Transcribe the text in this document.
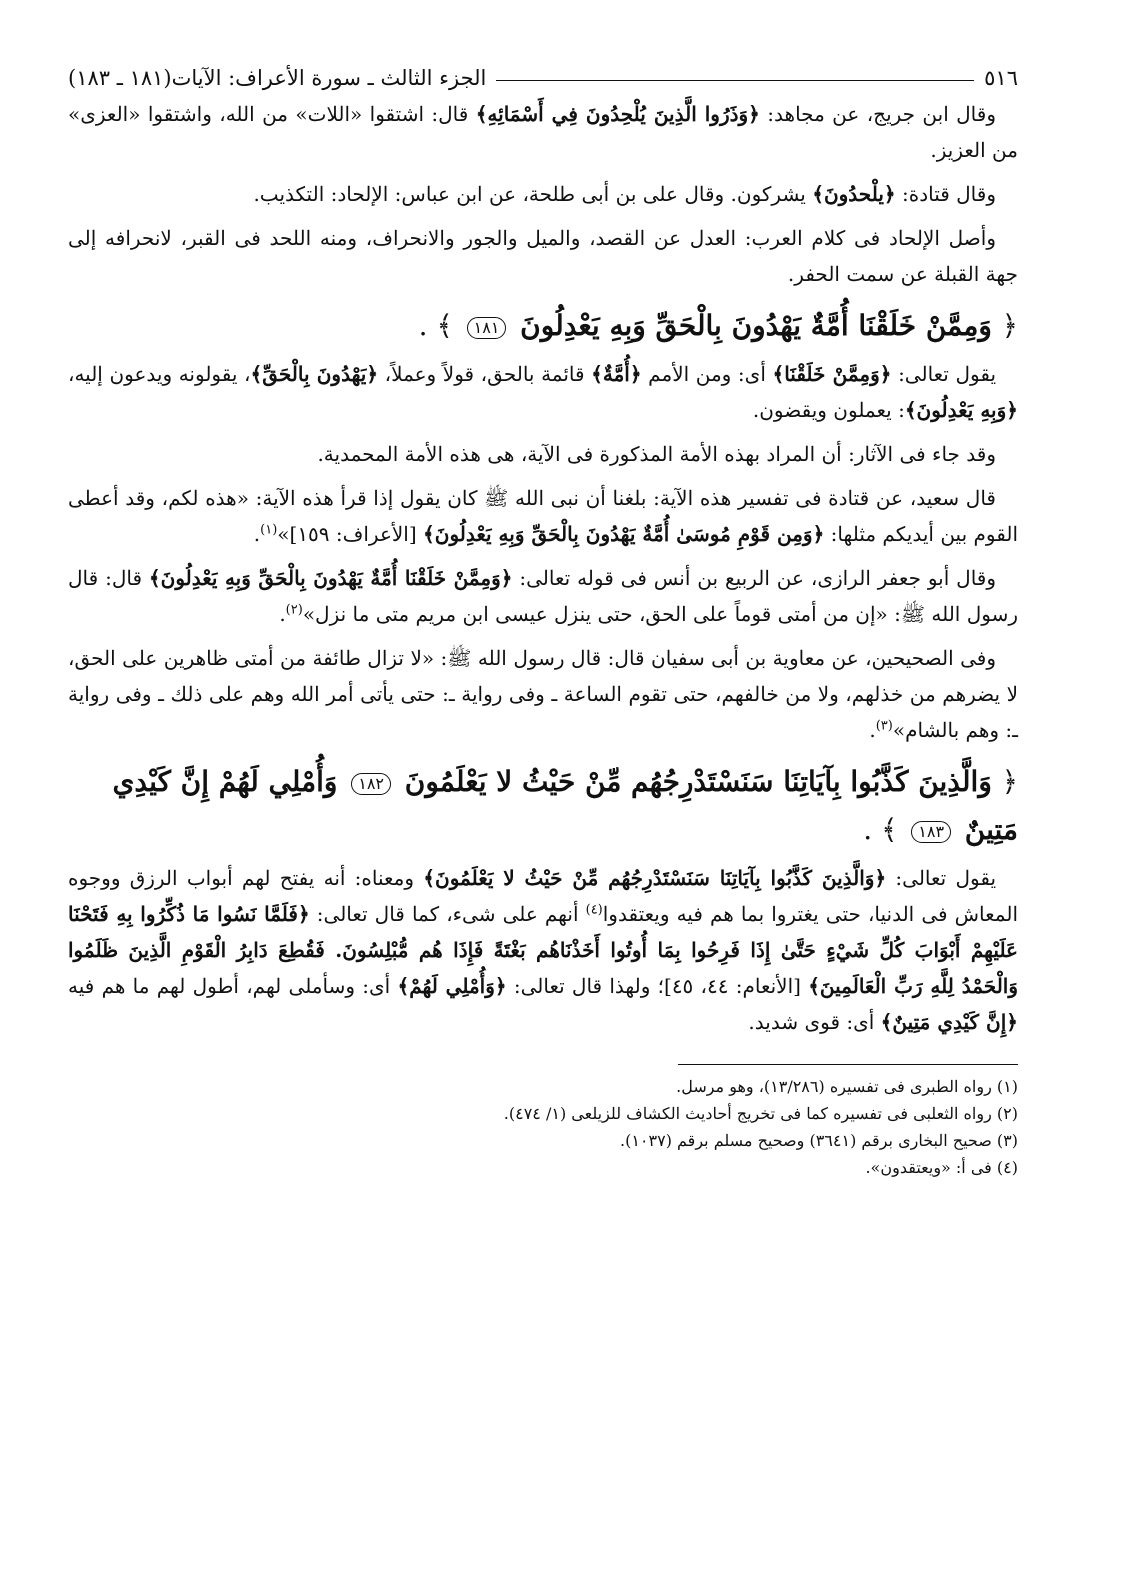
٥١٦
الجزء الثالث ـ سورة الأعراف: الآيات(١٨١ ـ ١٨٣)

وقال ابن جريج، عن مجاهد: ﴿وَذَرُوا الَّذِينَ يُلْحِدُونَ فِي أَسْمَائِهِ﴾ قال: اشتقوا «اللات» من الله، واشتقوا «العزى» من العزيز.

وقال قتادة: ﴿يلْحدُونَ﴾ يشركون. وقال على بن أبى طلحة، عن ابن عباس: الإلحاد: التكذيب.

وأصل الإلحاد فى كلام العرب: العدل عن القصد، والميل والجور والانحراف، ومنه اللحد فى القبر، لانحرافه إلى جهة القبلة عن سمت الحفر.

﴿ وَمِمَّنْ خَلَقْنَا أُمَّةٌ يَهْدُونَ بِالْحَقِّ وَبِهِ يَعْدِلُونَ ١٨١ ﴾ .

يقول تعالى: ﴿وَمِمَّنْ خَلَقْنَا﴾ أى: ومن الأمم ﴿أُمَّةٌ﴾ قائمة بالحق، قولاً وعملاً، ﴿يَهْدُونَ بِالْحَقِّ﴾، يقولونه ويدعون إليه، ﴿وَبِهِ يَعْدِلُونَ﴾: يعملون ويقضون.

وقد جاء فى الآثار: أن المراد بهذه الأمة المذكورة فى الآية، هى هذه الأمة المحمدية.

قال سعيد، عن قتادة فى تفسير هذه الآية: بلغنا أن نبى الله ﷺ كان يقول إذا قرأ هذه الآية: «هذه لكم، وقد أعطى القوم بين أيديكم مثلها: ﴿وَمِن قَوْمِ مُوسَىٰ أُمَّةٌ يَهْدُونَ بِالْحَقِّ وَبِهِ يَعْدِلُونَ﴾ [الأعراف: ١٥٩]»$^{(١)}$.

وقال أبو جعفر الرازى، عن الربيع بن أنس فى قوله تعالى: ﴿وَمِمَّنْ خَلَقْنَا أُمَّةٌ يَهْدُونَ بِالْحَقِّ وَبِهِ يَعْدِلُونَ﴾ قال: قال رسول الله ﷺ: «إن من أمتى قوماً على الحق، حتى ينزل عيسى ابن مريم متى ما نزل»$^{(٢)}$.

وفى الصحيحين، عن معاوية بن أبى سفيان قال: قال رسول الله ﷺ: «لا تزال طائفة من أمتى ظاهرين على الحق، لا يضرهم من خذلهم، ولا من خالفهم، حتى تقوم الساعة ـ وفى رواية ـ: حتى يأتى أمر الله وهم على ذلك ـ وفى رواية ـ: وهم بالشام»$^{(٣)}$.

﴿ وَالَّذِينَ كَذَّبُوا بِآيَاتِنَا سَنَسْتَدْرِجُهُم مِّنْ حَيْثُ لا يَعْلَمُونَ ١٨٢ وَأُمْلِي لَهُمْ إِنَّ كَيْدِي مَتِينٌ ١٨٣ ﴾ .

يقول تعالى: ﴿وَالَّذِينَ كَذَّبُوا بِآيَاتِنَا سَنَسْتَدْرِجُهُم مِّنْ حَيْثُ لا يَعْلَمُونَ﴾ ومعناه: أنه يفتح لهم أبواب الرزق ووجوه المعاش فى الدنيا، حتى يغتروا بما هم فيه ويعتقدوا$^{(٤)}$ أنهم على شىء، كما قال تعالى: ﴿فَلَمَّا نَسُوا مَا ذُكِّرُوا بِهِ فَتَحْنَا عَلَيْهِمْ أَبْوَابَ كُلِّ شَيْءٍ حَتَّىٰ إِذَا فَرِحُوا بِمَا أُوتُوا أَخَذْنَاهُم بَغْتَةً فَإِذَا هُم مُّبْلِسُونَ. فَقُطِعَ دَابِرُ الْقَوْمِ الَّذِينَ ظَلَمُوا وَالْحَمْدُ لِلَّهِ رَبِّ الْعَالَمِينَ﴾ [الأنعام: ٤٤، ٤٥]؛ ولهذا قال تعالى: ﴿وَأُمْلِي لَهُمْ﴾ أى: وسأملى لهم، أطول لهم ما هم فيه ﴿إِنَّ كَيْدِي مَتِينٌ﴾ أى: قوى شديد.

(١) رواه الطبرى فى تفسيره (١٣/٢٨٦)، وهو مرسل.

(٢) رواه الثعلبى فى تفسيره كما فى تخريج أحاديث الكشاف للزيلعى (١/ ٤٧٤).

(٣) صحيح البخارى برقم (٣٦٤١) وصحيح مسلم برقم (١٠٣٧).

(٤) فى أ: «ويعتقدون».
